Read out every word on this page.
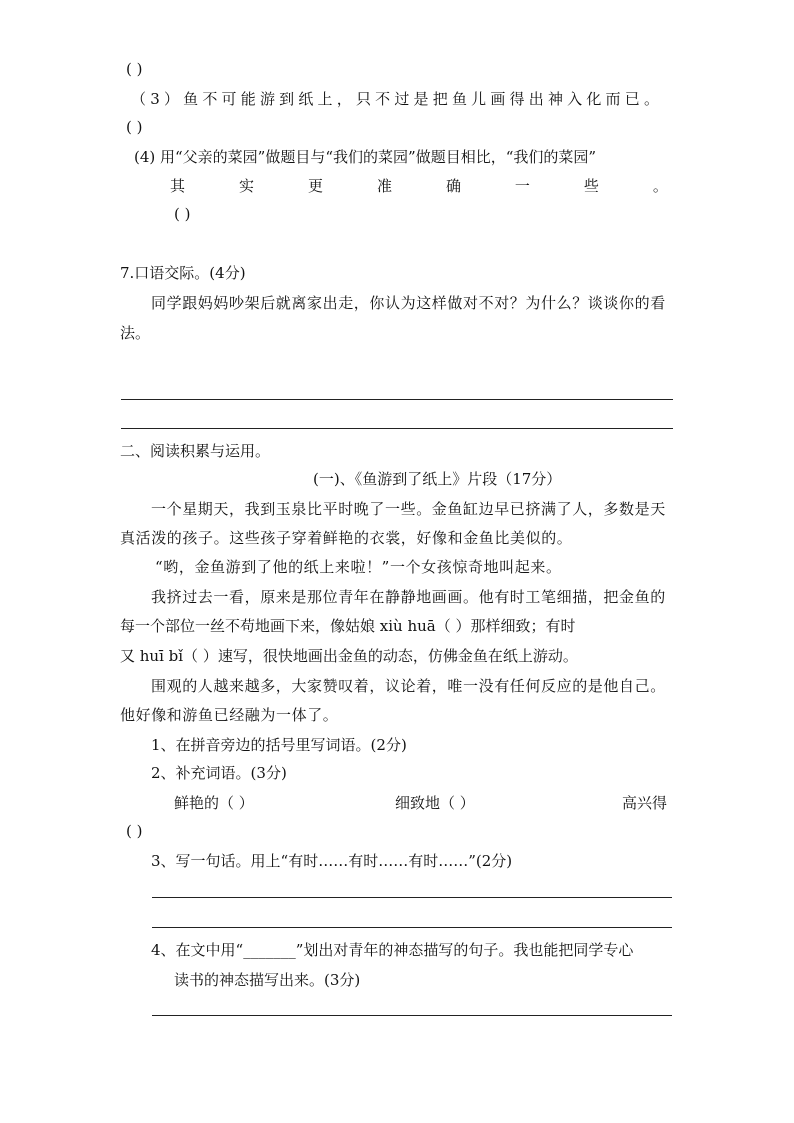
( )
（3）鱼不可能游到纸上，只不过是把鱼儿画得出神入化而已。
( )
(4) 用“父亲的菜园”做题目与“我们的菜园”做题目相比，“我们的菜园”
其	实	更	准	确	一	些	。
( )
7.口语交际。(4分)
同学跟妈妈吵架后就离家出走，你认为这样做对不对？为什么？谈谈你的看
法。
二、阅读积累与运用。
(一)、《鱼游到了纸上》片段（17分）
一个星期天，我到玉泉比平时晚了一些。金鱼缸边早已挤满了人，多数是天
真活泼的孩子。这些孩子穿着鲜艳的衣裳，好像和金鱼比美似的。
“哟，金鱼游到了他的纸上来啦！”一个女孩惊奇地叫起来。
我挤过去一看，原来是那位青年在静静地画画。他有时工笔细描，把金鱼的
每一个部位一丝不苟地画下来，像姑娘 xiù huā（ ）那样细致；有时
又 huī bǐ（ ）速写，很快地画出金鱼的动态，仿佛金鱼在纸上游动。
围观的人越来越多，大家赞叹着，议论着，唯一没有任何反应的是他自己。
他好像和游鱼已经融为一体了。
1、在拼音旁边的括号里写词语。(2分)
2、补充词语。(3分)
鲜艳的（ ）	细致地（ ）	高兴得
( )
3、写一句话。用上“有时……有时……有时……”(2分)
4、在文中用“_______”划出对青年的神态描写的句子。我也能把同学专心
读书的神态描写出来。(3分)
